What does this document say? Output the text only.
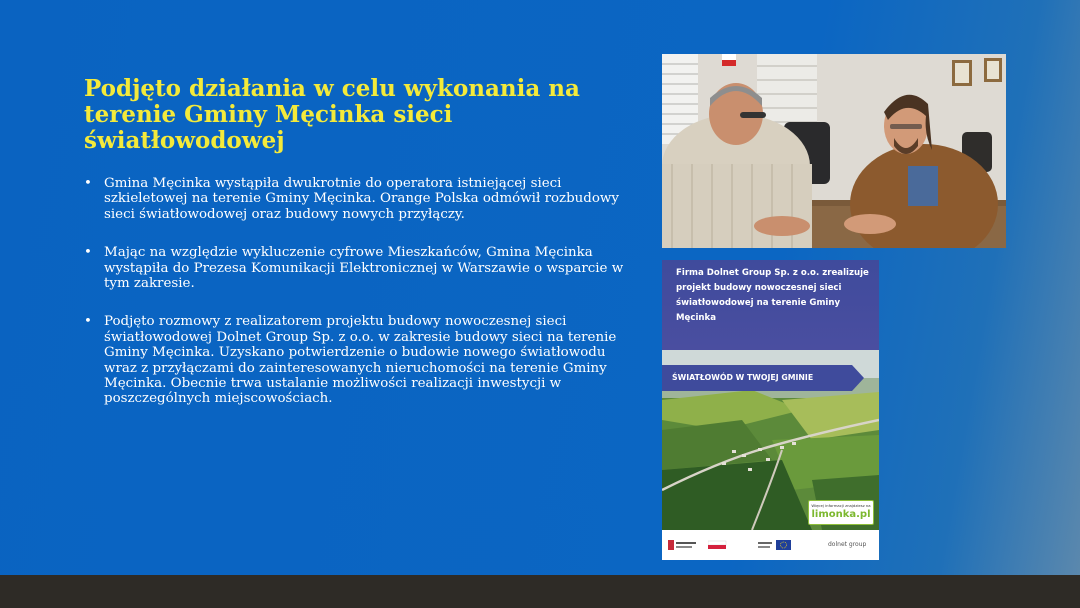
Podjęto działania w celu wykonania na terenie Gminy Męcinka sieci światłowodowej
• Gmina Męcinka wystąpiła dwukrotnie do operatora istniejącej sieci szkieletowej na terenie Gminy Męcinka. Orange Polska odmówił rozbudowy sieci światłowodowej oraz budowy nowych przyłączy.
• Mając na względzie wykluczenie cyfrowe Mieszkańców, Gmina Męcinka wystąpiła do Prezesa Komunikacji Elektronicznej w Warszawie o wsparcie w tym zakresie.
• Podjęto rozmowy z realizatorem projektu budowy nowoczesnej sieci światłowodowej Dolnet Group Sp. z o.o. w zakresie budowy sieci na terenie Gminy Męcinka. Uzyskano potwierdzenie o budowie nowego światłowodu wraz z przyłączami do zainteresowanych nieruchomości na terenie Gminy Męcinka. Obecnie trwa ustalanie możliwości realizacji inwestycji w poszczególnych miejscowościach.
Firma Dolnet Group Sp. z o.o. zrealizuje projekt budowy nowoczesnej sieci światłowodowej na terenie Gminy Męcinka
ŚWIATŁOWÓD W TWOJEJ GMINIE
Więcej informacji znajdziesz na
limonka.pl
dolnet group
